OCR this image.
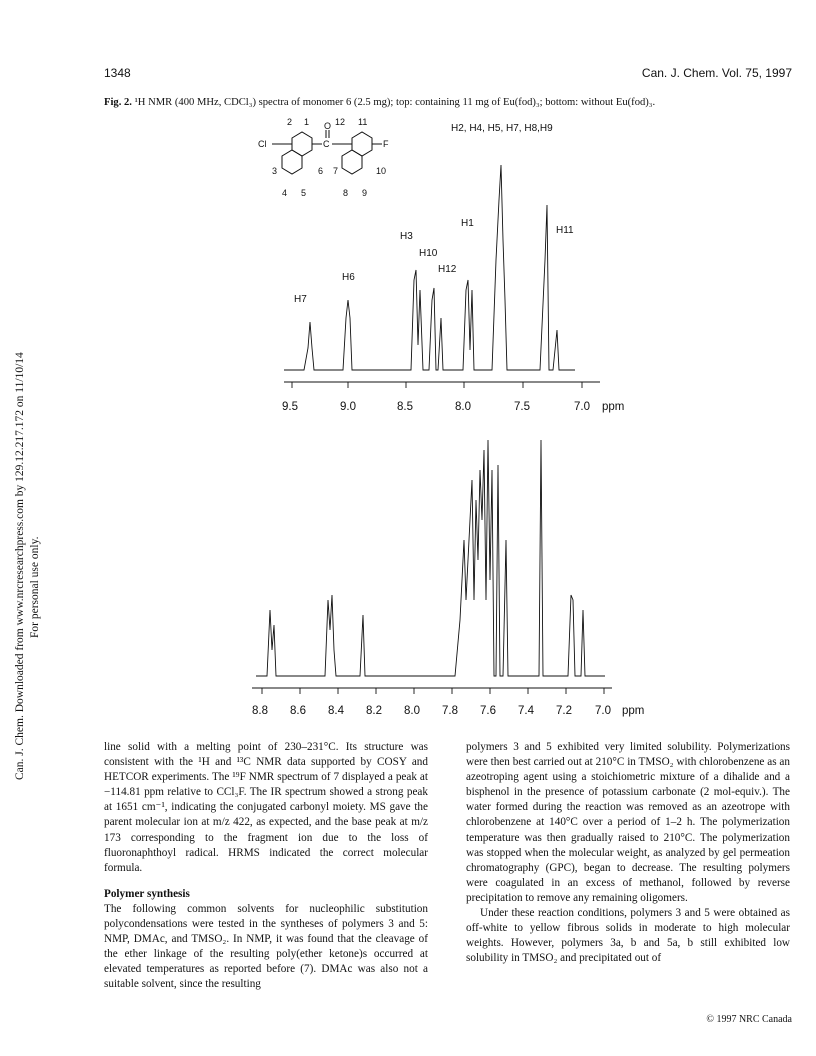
1348	Can. J. Chem. Vol. 75, 1997
Can. J. Chem. Downloaded from www.nrcresearchpress.com by 129.12.217.172 on 11/10/14 For personal use only.
Fig. 2. ¹H NMR (400 MHz, CDCl₃) spectra of monomer 6 (2.5 mg); top: containing 11 mg of Eu(fod)₃; bottom: without Eu(fod)₃.
Cl	F
O
C
2 1	12 11
3	6 7	10
4 5	8 9
9.5	9.0	8.5	8.0	7.5	7.0 ppm
H2, H4, H5, H7, H8,H9
H7
H6
H3
H10
H12
H1
H11
8.8 8.6 8.4 8.2 8.0 7.8 7.6 7.4 7.2 7.0 ppm

line solid with a melting point of 230–231°C. Its structure was consistent with the ¹H and ¹³C NMR data supported by COSY and HETCOR experiments. The ¹⁹F NMR spectrum of 7 displayed a peak at −114.81 ppm relative to CCl₃F. The IR spectrum showed a strong peak at 1651 cm⁻¹, indicating the conjugated carbonyl moiety. MS gave the parent molecular ion at m/z 422, as expected, and the base peak at m/z 173 corresponding to the fragment ion due to the loss of fluoronaphthoyl radical. HRMS indicated the correct molecular formula.

Polymer synthesis

The following common solvents for nucleophilic substitution polycondensations were tested in the syntheses of polymers 3 and 5: NMP, DMAc, and TMSO₂. In NMP, it was found that the cleavage of the ether linkage of the resulting poly(ether ketone)s occurred at elevated temperatures as reported before (7). DMAc was also not a suitable solvent, since the resulting

polymers 3 and 5 exhibited very limited solubility. Polymerizations were then best carried out at 210°C in TMSO₂ with chlorobenzene as an azeotroping agent using a stoichiometric mixture of a dihalide and a bisphenol in the presence of potassium carbonate (2 mol-equiv.). The water formed during the reaction was removed as an azeotrope with chlorobenzene at 140°C over a period of 1–2 h. The polymerization temperature was then gradually raised to 210°C. The polymerization was stopped when the molecular weight, as analyzed by gel permeation chromatography (GPC), began to decrease. The resulting polymers were coagulated in an excess of methanol, followed by reverse precipitation to remove any remaining oligomers.

Under these reaction conditions, polymers 3 and 5 were obtained as off-white to yellow fibrous solids in moderate to high molecular weights. However, polymers 3a, b and 5a, b still exhibited low solubility in TMSO₂ and precipitated out of

© 1997 NRC Canada
